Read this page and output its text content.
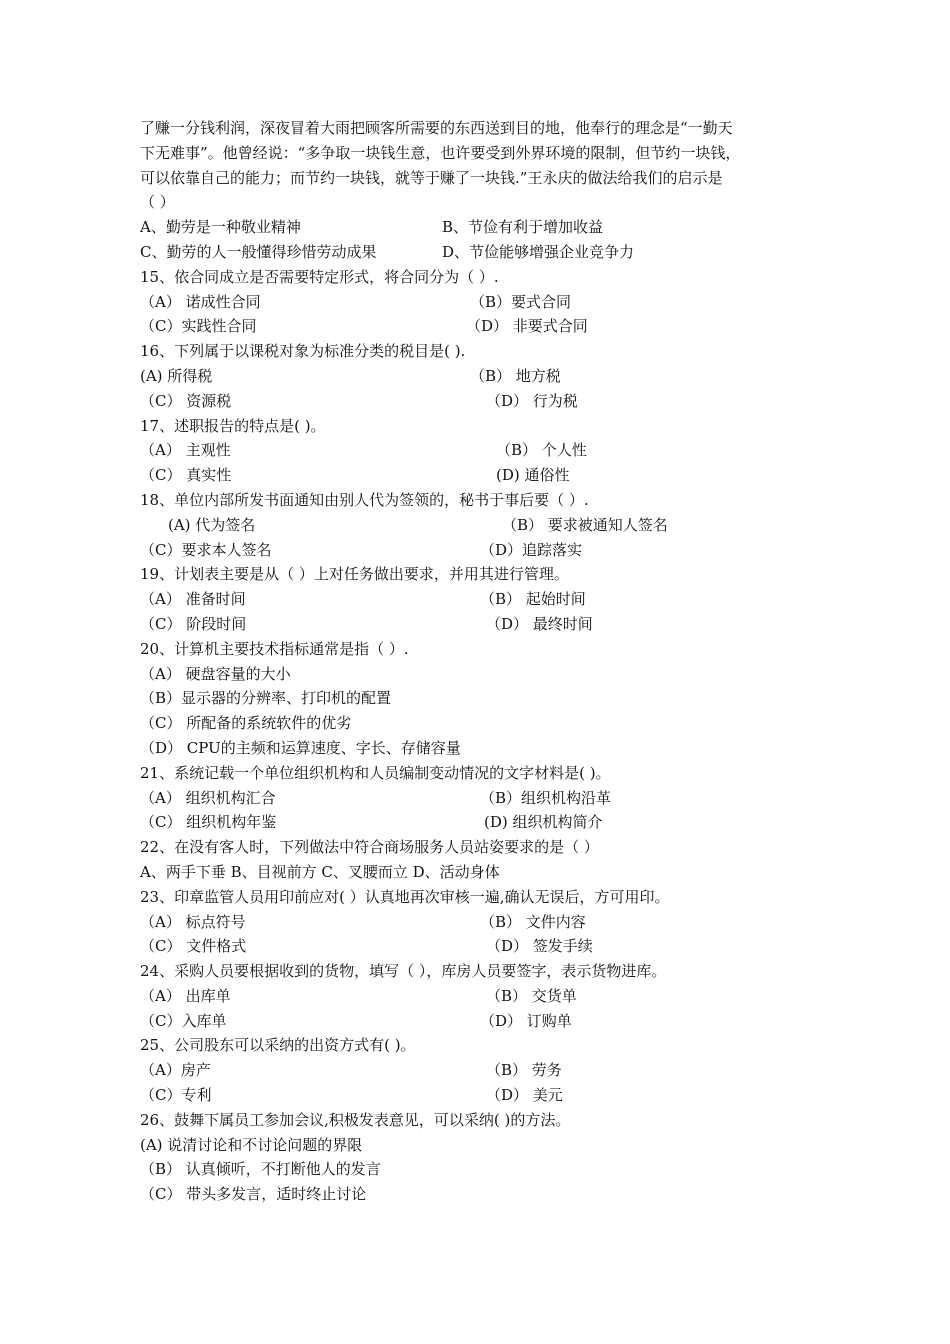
了赚一分钱利润，深夜冒着大雨把顾客所需要的东西送到目的地，他奉行的理念是“一勤天
下无难事”。他曾经说：“多争取一块钱生意，也许要受到外界环境的限制，但节约一块钱，
可以依靠自己的能力；而节约一块钱，就等于赚了一块钱.”王永庆的做法给我们的启示是
（ ）
A、勤劳是一种敬业精神	B、节俭有利于增加收益
C、勤劳的人一般懂得珍惜劳动成果	D、节俭能够增强企业竞争力
15、依合同成立是否需要特定形式，将合同分为（ ）.
（A） 诺成性合同	（B）要式合同
（C）实践性合同	（D） 非要式合同
16、下列属于以课税对象为标准分类的税目是( ).
(A) 所得税	（B） 地方税
（C） 资源税	（D） 行为税
17、述职报告的特点是( )。
（A） 主观性	（B） 个人性
（C） 真实性	(D) 通俗性
18、单位内部所发书面通知由别人代为签领的，秘书于事后要（ ）.
(A) 代为签名	（B） 要求被通知人签名
（C）要求本人签名	（D）追踪落实
19、计划表主要是从（ ）上对任务做出要求，并用其进行管理。
（A） 准备时间	（B） 起始时间
（C） 阶段时间	（D） 最终时间
20、计算机主要技术指标通常是指（ ）.
（A） 硬盘容量的大小
（B）显示器的分辨率、打印机的配置
（C） 所配备的系统软件的优劣
（D） CPU的主频和运算速度、字长、存储容量
21、系统记载一个单位组织机构和人员编制变动情况的文字材料是( )。
（A） 组织机构汇合	（B）组织机构沿革
（C） 组织机构年鉴	(D) 组织机构简介
22、在没有客人时，下列做法中符合商场服务人员站姿要求的是（ ）
A、两手下垂 B、目视前方 C、叉腰而立 D、活动身体
23、印章监管人员用印前应对( ）认真地再次审核一遍,确认无误后，方可用印。
（A） 标点符号	（B） 文件内容
（C） 文件格式	（D） 签发手续
24、采购人员要根据收到的货物，填写（ ），库房人员要签字，表示货物进库。
（A） 出库单	（B） 交货单
（C）入库单	（D） 订购单
25、公司股东可以采纳的出资方式有( )。
（A）房产	（B） 劳务
（C）专利	（D） 美元
26、鼓舞下属员工参加会议,积极发表意见，可以采纳( )的方法。
(A) 说清讨论和不讨论问题的界限
（B） 认真倾听，不打断他人的发言
（C） 带头多发言，适时终止讨论
